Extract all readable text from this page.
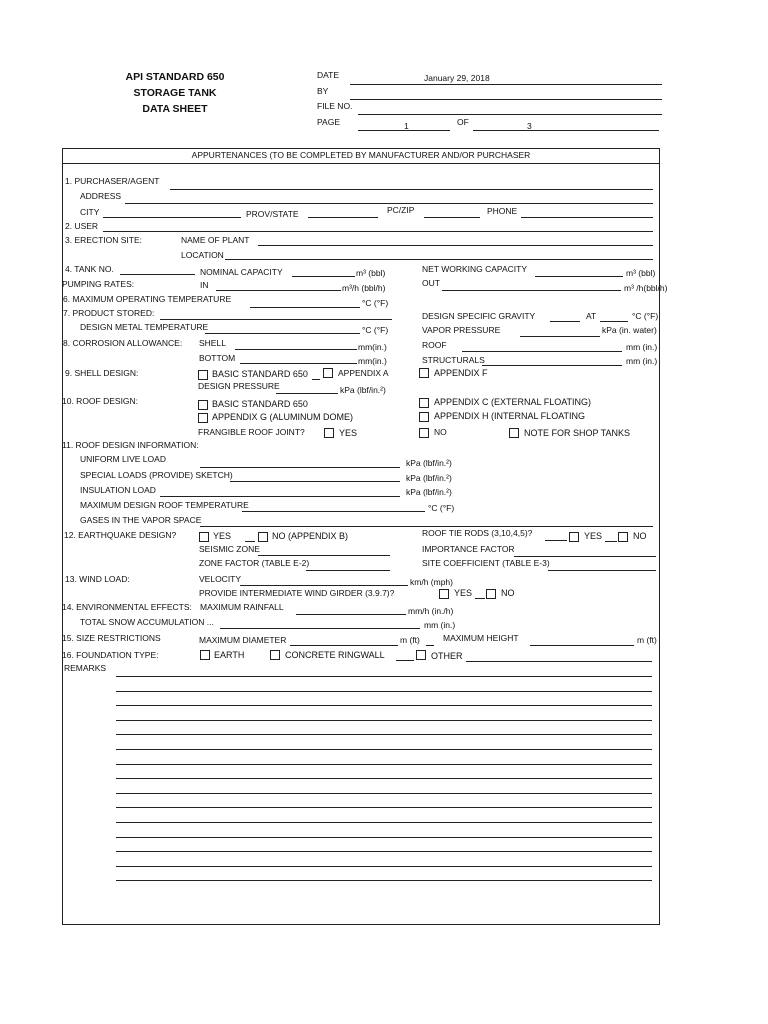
API STANDARD 650
STORAGE TANK
DATA SHEET
DATE	January 29, 2018
BY
FILE NO.
PAGE	1	OF	3
APPURTENANCES (TO BE COMPLETED BY MANUFACTURER AND/OR PURCHASER
1. PURCHASER/AGENT
ADDRESS
CITY	PROV/STATE	PC/ZIP	PHONE
2. USER
3. ERECTION SITE:	NAME OF PLANT
LOCATION
4. TANK NO.	NOMINAL CAPACITY	m³ (bbl)	NET WORKING CAPACITY	m³ (bbl)
PUMPING RATES:	IN	m³/h (bbl/h)	OUT	m³ /h(bbl/h)
6. MAXIMUM OPERATING TEMPERATURE	°C (°F)
7. PRODUCT STORED:	DESIGN SPECIFIC GRAVITY	AT	°C (°F)
DESIGN METAL TEMPERATURE	°C (°F)	VAPOR PRESSURE	kPa (in. water)
8. CORROSION ALLOWANCE: SHELL	mm(in.)	ROOF	mm (in.)
BOTTOM	mm(in.)	STRUCTURALS	mm (in.)
9. SHELL DESIGN:	BASIC STANDARD 650	APPENDIX A	APPENDIX F
DESIGN PRESSURE	kPa (lbf/in.²)
10. ROOF DESIGN:	BASIC STANDARD 650	APPENDIX C (EXTERNAL FLOATING)
APPENDIX G (ALUMINUM DOME)	APPENDIX H (INTERNAL FLOATING
FRANGIBLE ROOF JOINT?	YES	NO	NOTE FOR SHOP TANKS
11. ROOF DESIGN INFORMATION:
UNIFORM LIVE LOAD	kPa (lbf/in.²)
SPECIAL LOADS (PROVIDE) SKETCH)	kPa (lbf/in.²)
INSULATION LOAD	kPa (lbf/in.²)
MAXIMUM DESIGN ROOF TEMPERATURE	°C (°F)
GASES IN THE VAPOR SPACE
12. EARTHQUAKE DESIGN?	YES	NO (APPENDIX B)	ROOF TIE RODS (3,10,4,5)?	YES	NO
SEISMIC ZONE	IMPORTANCE FACTOR
ZONE FACTOR (TABLE E-2)	SITE COEFFICIENT (TABLE E-3)
13. WIND LOAD:	VELOCITY	km/h (mph)
PROVIDE INTERMEDIATE WIND GIRDER (3.9.7)?	YES	NO
14. ENVIRONMENTAL EFFECTS: MAXIMUM RAINFALL	mm/h (in./h)
TOTAL SNOW ACCUMULATION ...	mm (in.)
15. SIZE RESTRICTIONS	MAXIMUM DIAMETER	m (ft)	MAXIMUM HEIGHT	m (ft)
16. FOUNDATION TYPE:	EARTH	CONCRETE RINGWALL	OTHER
REMARKS
